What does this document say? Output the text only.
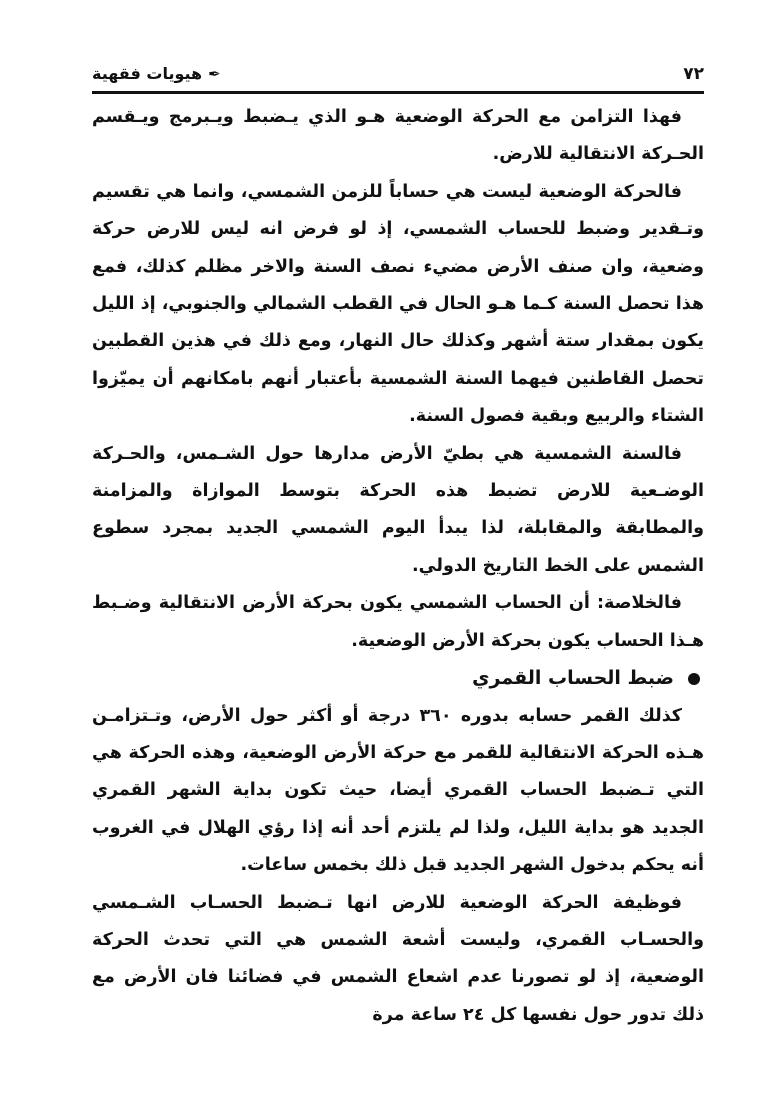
٧٢
✒هيويات فقهية

فهذا التزامن مع الحركة الوضعية هـو الذي يـضبط ويـبرمج ويـقسم الحـركة الانتقالية للارض.

فالحركة الوضعية ليست هي حساباً للزمن الشمسي، وانما هي تقسيم وتـقدير وضبط للحساب الشمسي، إذ لو فرض انه ليس للارض حركة وضعية، وان صنف الأرض مضيء نصف السنة والاخر مظلم كذلك، فمع هذا تحصل السنة كـما هـو الحال في القطب الشمالي والجنوبي، إذ الليل يكون بمقدار ستة أشهر وكذلك حال النهار، ومع ذلك في هذين القطبين تحصل القاطنين فيهما السنة الشمسية بأعتبار أنهم بامكانهم أن يميّزوا الشتاء والربيع وبقية فصول السنة.

فالسنة الشمسية هي بطيّ الأرض مدارها حول الشـمس، والحـركة الوضـعية للارض تضبط هذه الحركة بتوسط الموازاة والمزامنة والمطابقة والمقابلة، لذا يبدأ اليوم الشمسي الجديد بمجرد سطوع الشمس على الخط التاريخ الدولي.

فالخلاصة: أن الحساب الشمسي يكون بحركة الأرض الانتقالية وضـبط هـذا الحساب يكون بحركة الأرض الوضعية.

ضبط الحساب القمري

كذلك القمر حسابه بدوره ٣٦٠ درجة أو أكثر حول الأرض، وتـتزامـن هـذه الحركة الانتقالية للقمر مع حركة الأرض الوضعية، وهذه الحركة هي التي تـضبط الحساب القمري أيضا، حيث تكون بداية الشهر القمري الجديد هو بداية الليل، ولذا لم يلتزم أحد أنه إذا رؤي الهلال في الغروب أنه يحكم بدخول الشهر الجديد قبل ذلك بخمس ساعات.

فوظيفة الحركة الوضعية للارض انها تـضبط الحسـاب الشـمسي والحسـاب القمري، وليست أشعة الشمس هي التي تحدث الحركة الوضعية، إذ لو تصورنا عدم اشعاع الشمس في فضائنا فان الأرض مع ذلك تدور حول نفسها كل ٢٤ ساعة مرة
